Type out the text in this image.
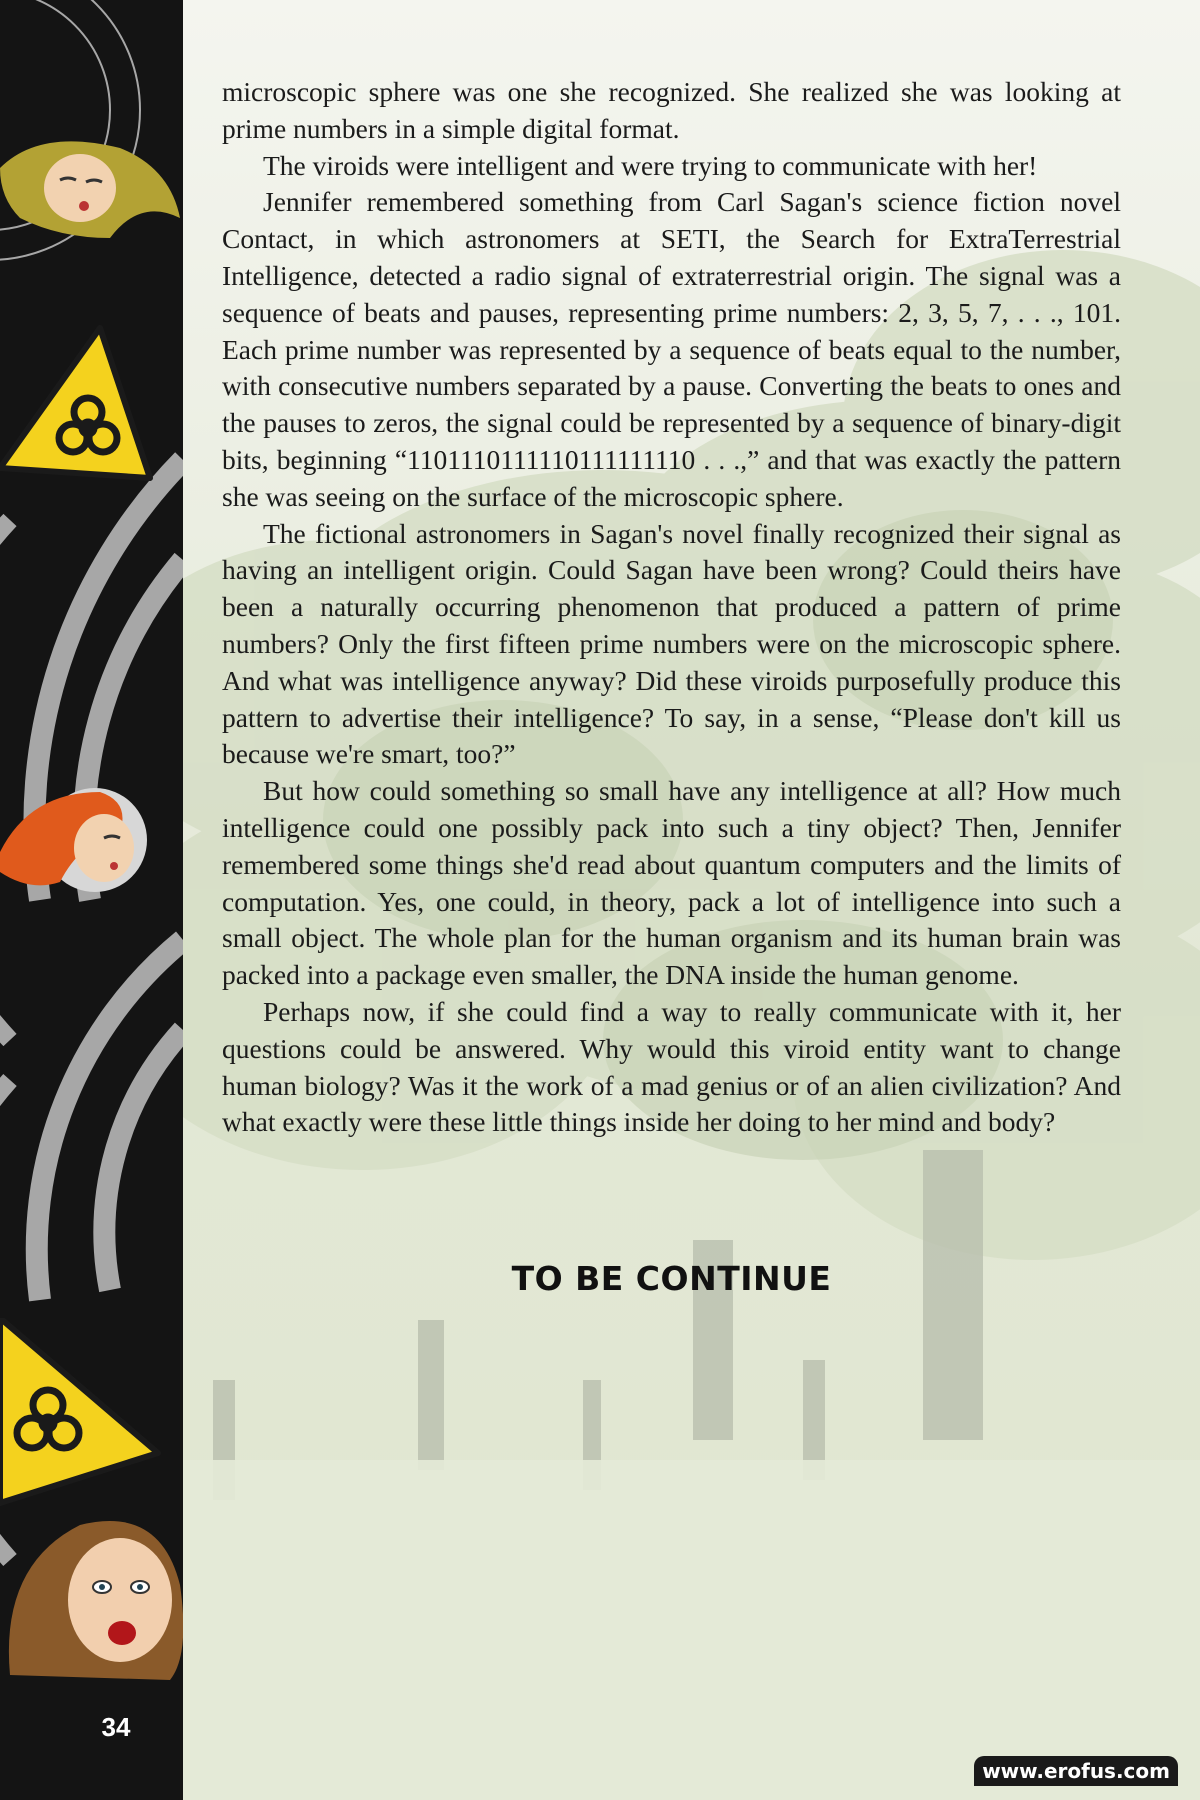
34

microscopic sphere was one she recognized. She realized she was looking at prime numbers in a simple digital format.

The viroids were intelligent and were trying to communicate with her!

Jennifer remembered something from Carl Sagan's science fiction novel Contact, in which astronomers at SETI, the Search for ExtraTerrestrial Intelligence, detected a radio signal of extraterrestrial origin. The signal was a sequence of beats and pauses, representing prime numbers: 2, 3, 5, 7, . . ., 101. Each prime number was represented by a sequence of beats equal to the number, with consecutive numbers separated by a pause. Converting the beats to ones and the pauses to zeros, the signal could be represented by a sequence of binary-digit bits, beginning “1101110111110111111110 . . .,” and that was exactly the pattern she was seeing on the surface of the microscopic sphere.

The fictional astronomers in Sagan's novel finally recognized their signal as having an intelligent origin. Could Sagan have been wrong? Could theirs have been a naturally occurring phenomenon that produced a pattern of prime numbers? Only the first fifteen prime numbers were on the microscopic sphere. And what was intelligence anyway? Did these viroids purposefully produce this pattern to advertise their intelligence? To say, in a sense, “Please don't kill us because we're smart, too?”

But how could something so small have any intelligence at all? How much intelligence could one possibly pack into such a tiny object? Then, Jennifer remembered some things she'd read about quantum computers and the limits of computation. Yes, one could, in theory, pack a lot of intelligence into such a small object. The whole plan for the human organism and its human brain was packed into a package even smaller, the DNA inside the human genome.

Perhaps now, if she could find a way to really communicate with it, her questions could be answered. Why would this viroid entity want to change human biology? Was it the work of a mad genius or of an alien civilization? And what exactly were these little things inside her doing to her mind and body?

TO BE CONTINUE
www.erofus.com
